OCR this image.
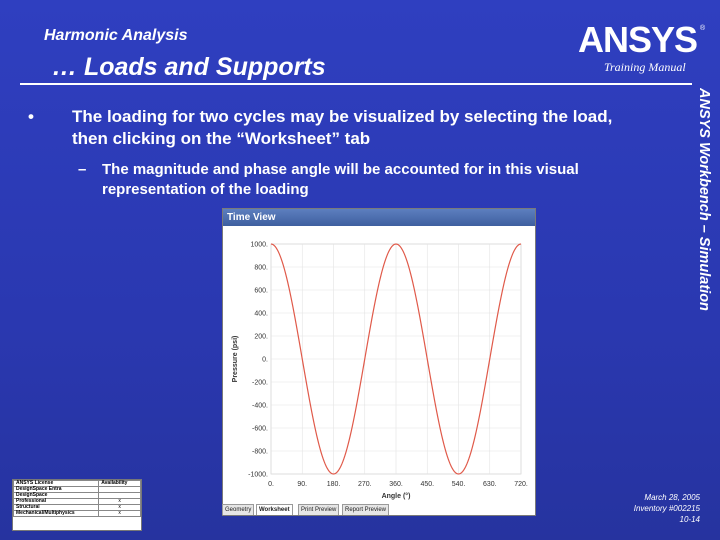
Harmonic Analysis
… Loads and Supports
ANSYS ®
Training Manual
ANSYS Workbench – Simulation
• The loading for two cycles may be visualized by selecting the load, then clicking on the “Worksheet” tab
– The magnitude and phase angle will be accounted for in this visual representation of the loading
Time View
0.	90.	180.	270.	360.	450.	540.	630.	720.
1000.
800.
600.
400.
200.
0.
-200.
-400.
-600.
-800.
-1000.
Angle (°)
Pressure (psi)
Geometry	Worksheet	Print Preview	Report Preview
ANSYS License	Availability
DesignSpace Entra	
DesignSpace	
Professional	x
Structural	x
Mechanical/Multiphysics	x
March 28, 2005
Inventory #002215
10-14
